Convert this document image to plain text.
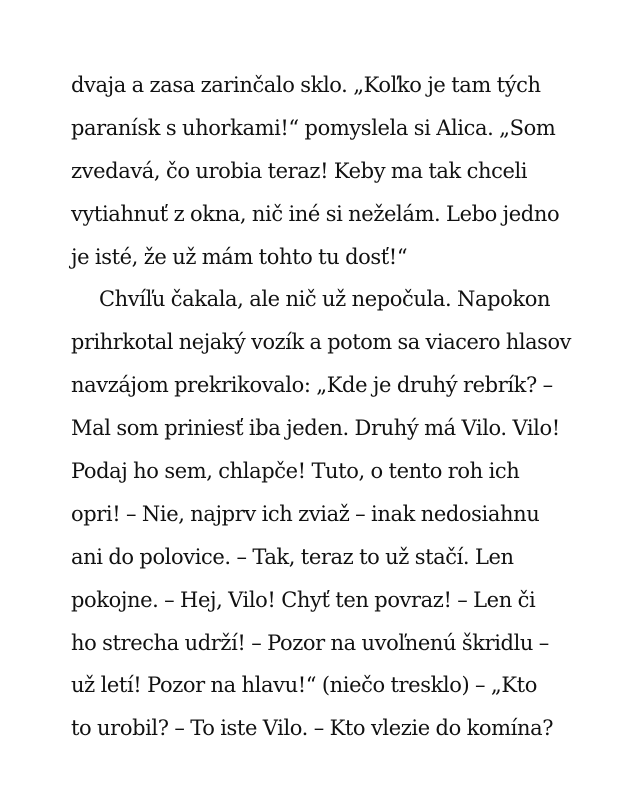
dvaja a zasa zarinčalo sklo. „Koľko je tam tých
paranísk s uhorkami!“ pomyslela si Alica. „Som
zvedavá, čo urobia teraz! Keby ma tak chceli
vytiahnuť z okna, nič iné si neželám. Lebo jedno
je isté, že už mám tohto tu dosť!“
Chvíľu čakala, ale nič už nepočula. Napokon
prihrkotal nejaký vozík a potom sa viacero hlasov
navzájom prekrikovalo: „Kde je druhý rebrík? –
Mal som priniesť iba jeden. Druhý má Vilo. Vilo!
Podaj ho sem, chlapče! Tuto, o tento roh ich
opri! – Nie, najprv ich zviaž – inak nedosiahnu
ani do polovice. – Tak, teraz to už stačí. Len
pokojne. – Hej, Vilo! Chyť ten povraz! – Len či
ho strecha udrží! – Pozor na uvoľnenú škridlu –
už letí! Pozor na hlavu!“ (niečo tresklo) – „Kto
to urobil? – To iste Vilo. – Kto vlezie do komína?
